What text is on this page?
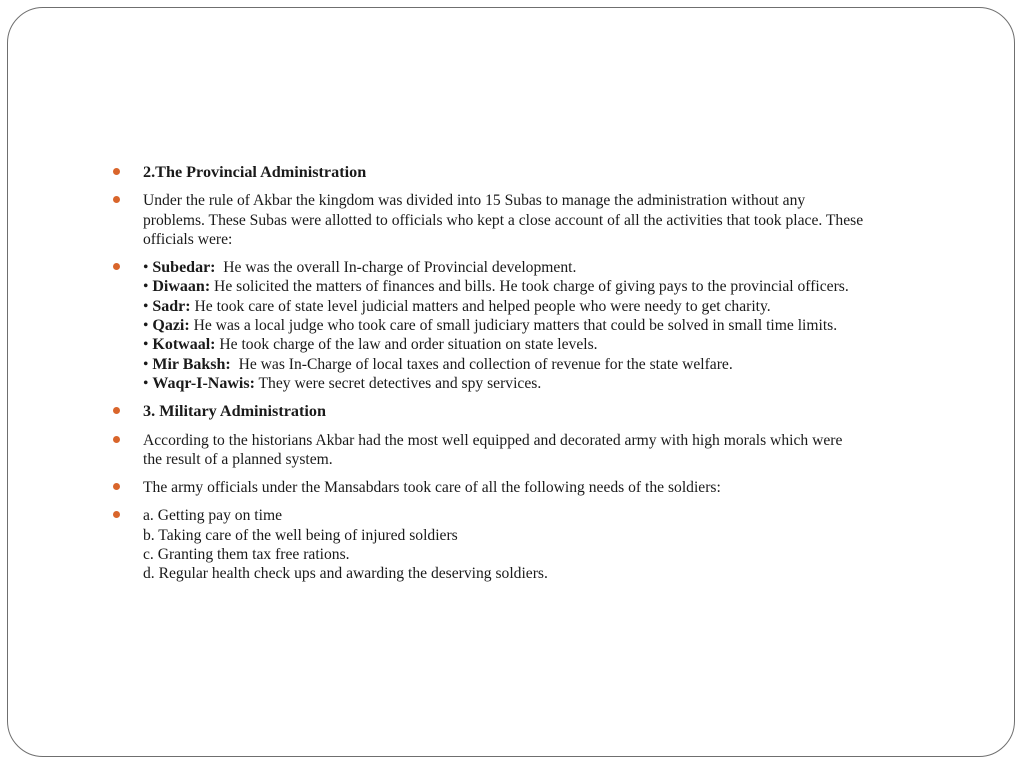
2.The Provincial Administration
Under the rule of Akbar the kingdom was divided into 15 Subas to manage the administration without any
problems. These Subas were allotted to officials who kept a close account of all the activities that took place. These
officials were:
• Subedar:  He was the overall In-charge of Provincial development.
• Diwaan: He solicited the matters of finances and bills. He took charge of giving pays to the provincial officers.
• Sadr: He took care of state level judicial matters and helped people who were needy to get charity.
• Qazi: He was a local judge who took care of small judiciary matters that could be solved in small time limits.
• Kotwaal: He took charge of the law and order situation on state levels.
• Mir Baksh:  He was In-Charge of local taxes and collection of revenue for the state welfare.
• Waqr-I-Nawis: They were secret detectives and spy services.
3. Military Administration
According to the historians Akbar had the most well equipped and decorated army with high morals which were
the result of a planned system.
The army officials under the Mansabdars took care of all the following needs of the soldiers:
a. Getting pay on time
b. Taking care of the well being of injured soldiers
c. Granting them tax free rations.
d. Regular health check ups and awarding the deserving soldiers.
